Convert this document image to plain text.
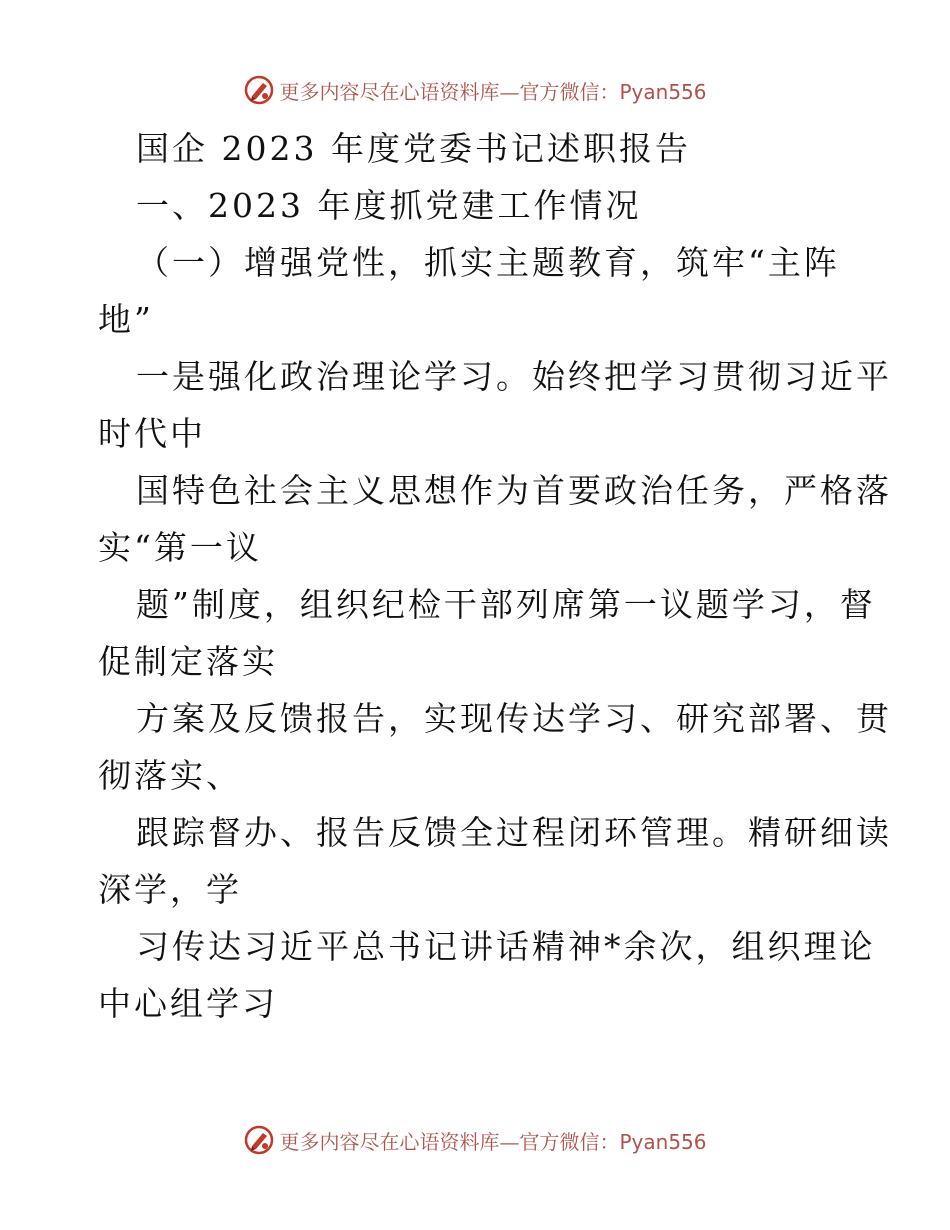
更多内容尽在心语资料库—官方微信：Pyan556
国企 2023 年度党委书记述职报告
一、2023 年度抓党建工作情况
（一）增强党性，抓实主题教育，筑牢“主阵
地”
一是强化政治理论学习。始终把学习贯彻习近平
时代中
国特色社会主义思想作为首要政治任务，严格落
实“第一议
题”制度，组织纪检干部列席第一议题学习，督
促制定落实
方案及反馈报告，实现传达学习、研究部署、贯
彻落实、
跟踪督办、报告反馈全过程闭环管理。精研细读
深学，学
习传达习近平总书记讲话精神*余次，组织理论
中心组学习
更多内容尽在心语资料库—官方微信：Pyan556
